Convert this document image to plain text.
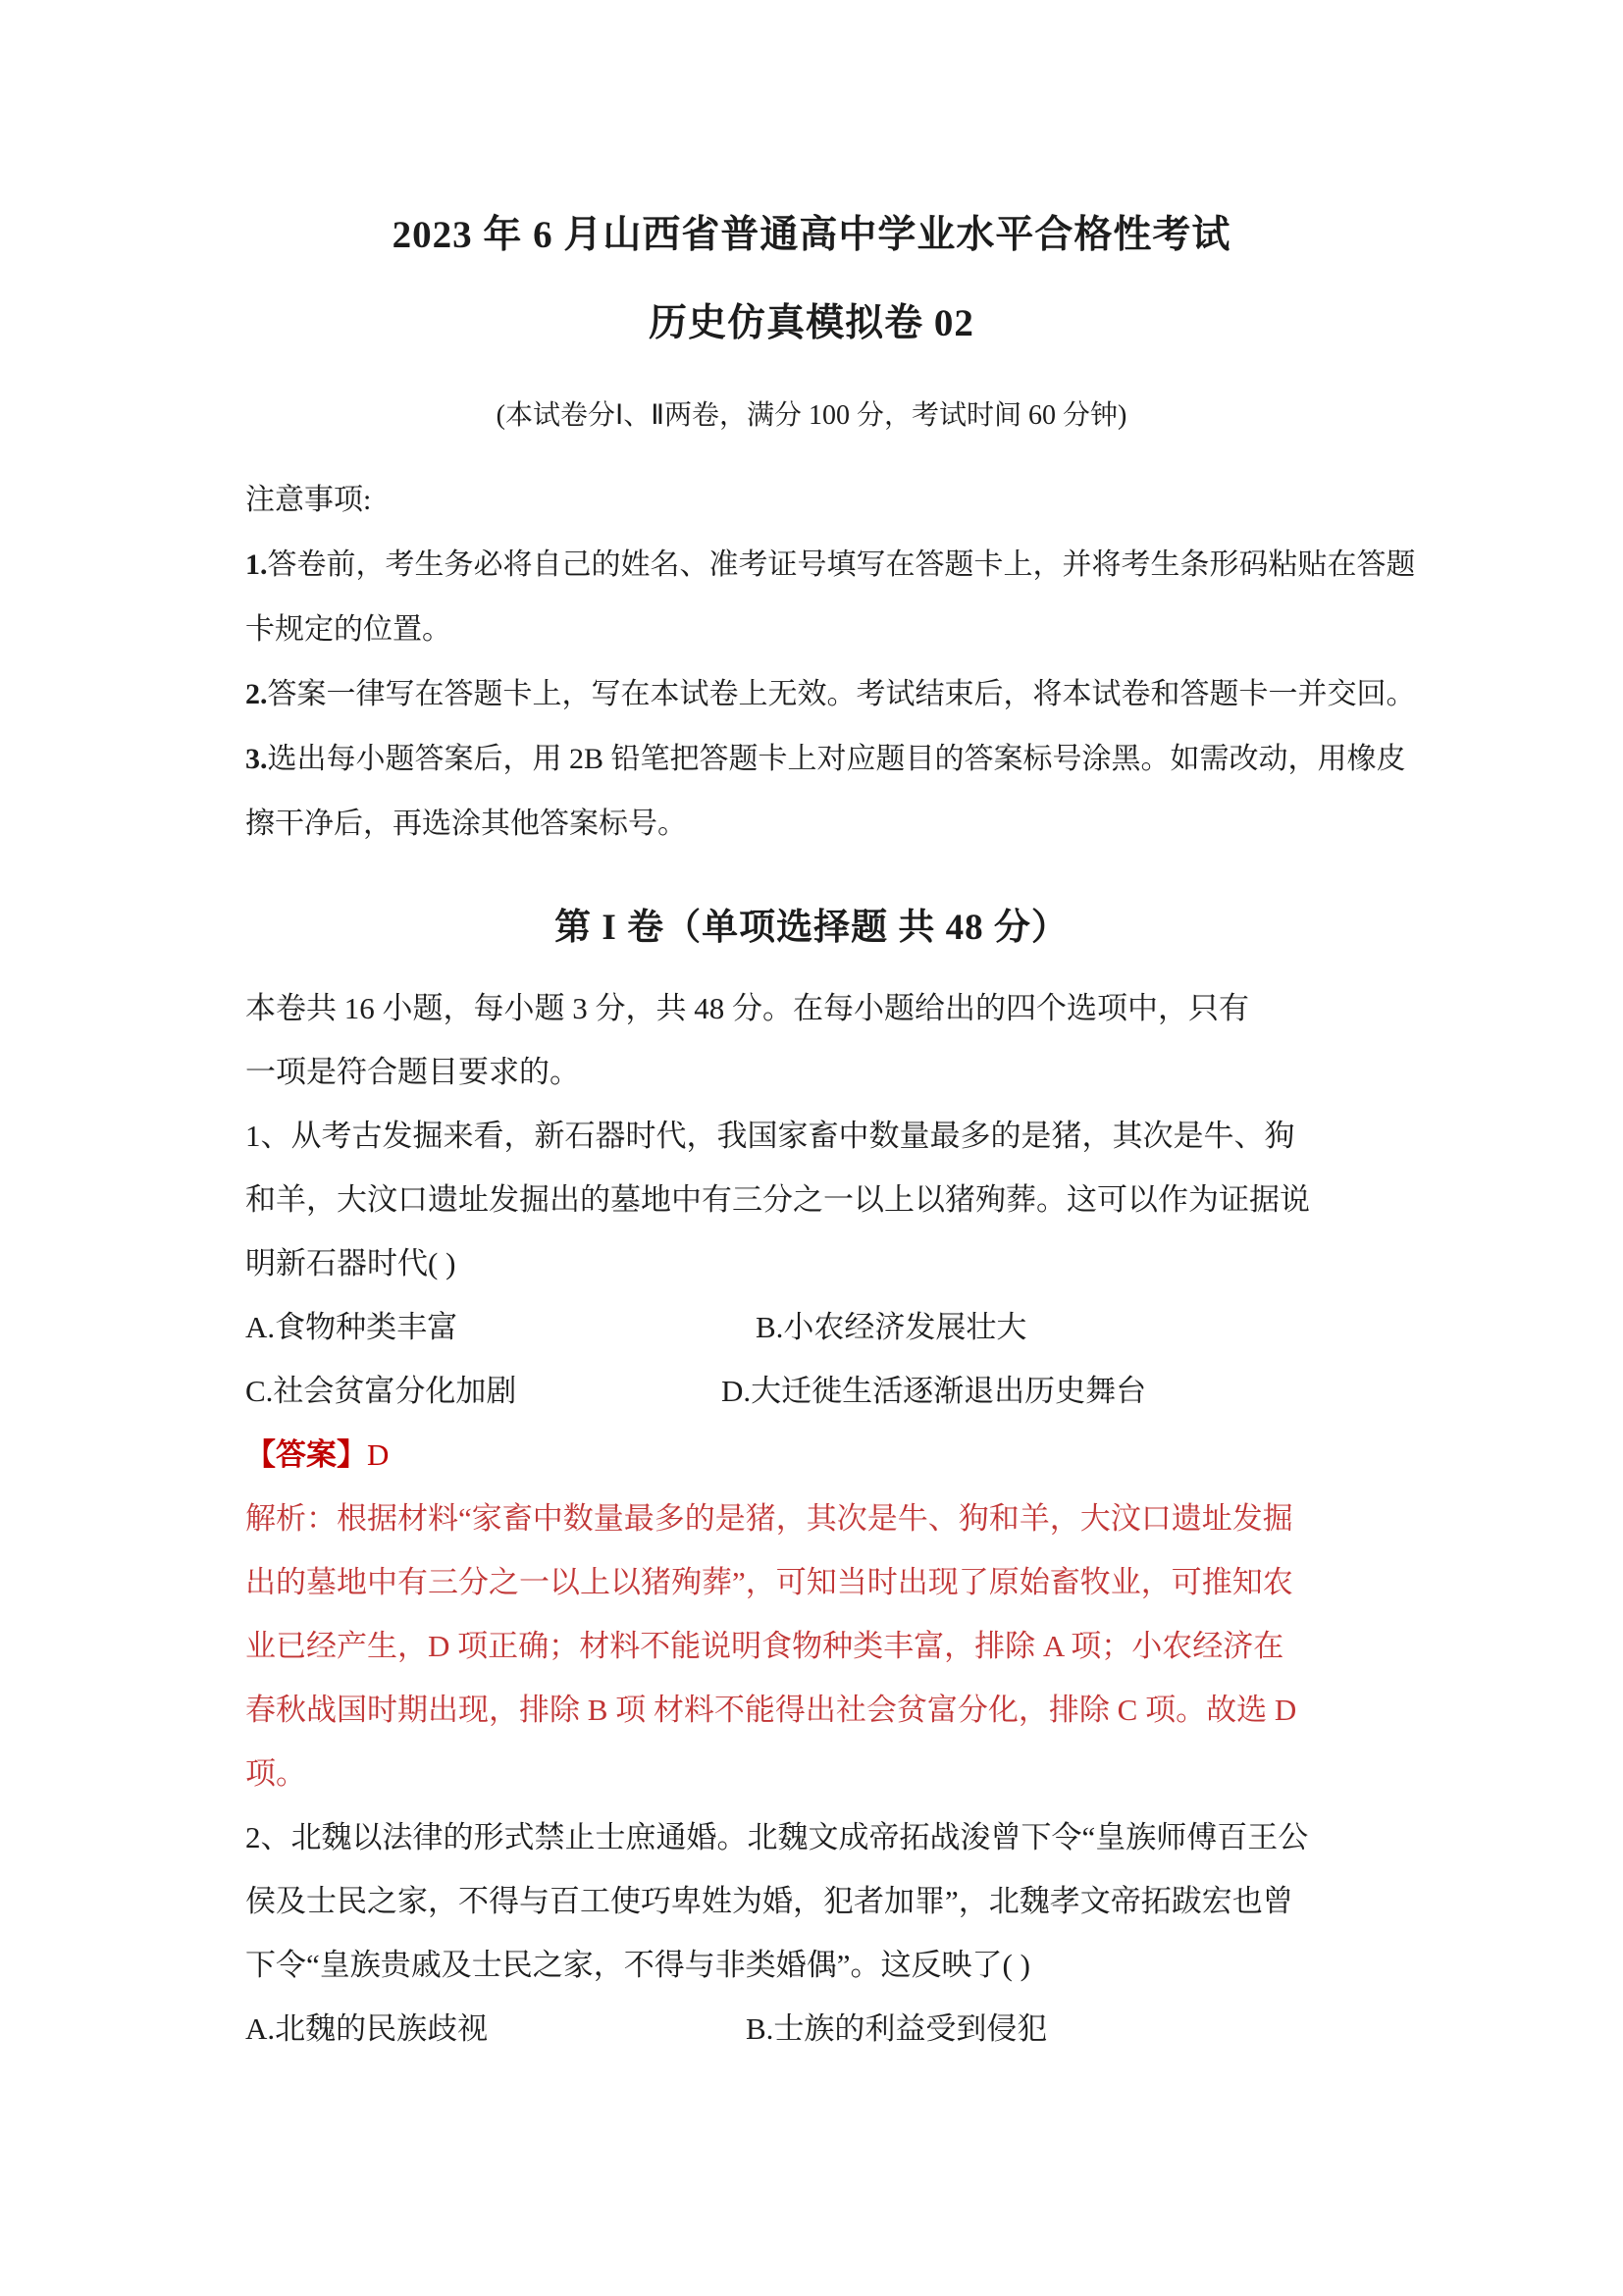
2023 年 6 月山西省普通高中学业水平合格性考试
历史仿真模拟卷 02
(本试卷分Ⅰ、Ⅱ两卷，满分 100 分，考试时间 60 分钟)
注意事项:
1.答卷前，考生务必将自己的姓名、准考证号填写在答题卡上，并将考生条形码粘贴在答题
卡规定的位置。
2.答案一律写在答题卡上，写在本试卷上无效。考试结束后，将本试卷和答题卡一并交回。
3.选出每小题答案后，用 2B 铅笔把答题卡上对应题目的答案标号涂黑。如需改动，用橡皮
擦干净后，再选涂其他答案标号。
第 I 卷（单项选择题 共 48 分）
本卷共 16 小题，每小题 3 分，共 48 分。在每小题给出的四个选项中，只有
一项是符合题目要求的。
1、从考古发掘来看，新石器时代，我国家畜中数量最多的是猪，其次是牛、狗
和羊，大汶口遗址发掘出的墓地中有三分之一以上以猪殉葬。这可以作为证据说
明新石器时代( )
A.食物种类丰富	B.小农经济发展壮大
C.社会贫富分化加剧	D.大迁徙生活逐渐退出历史舞台
【答案】D
解析：根据材料“家畜中数量最多的是猪，其次是牛、狗和羊，大汶口遗址发掘
出的墓地中有三分之一以上以猪殉葬”，可知当时出现了原始畜牧业，可推知农
业已经产生，D 项正确；材料不能说明食物种类丰富，排除 A 项；小农经济在
春秋战国时期出现，排除 B 项 材料不能得出社会贫富分化，排除 C 项。故选 D
项。
2、北魏以法律的形式禁止士庶通婚。北魏文成帝拓战浚曾下令“皇族师傅百王公
侯及士民之家，不得与百工使巧卑姓为婚，犯者加罪”，北魏孝文帝拓跋宏也曾
下令“皇族贵戚及士民之家，不得与非类婚偶”。这反映了( )
A.北魏的民族歧视	B.士族的利益受到侵犯
